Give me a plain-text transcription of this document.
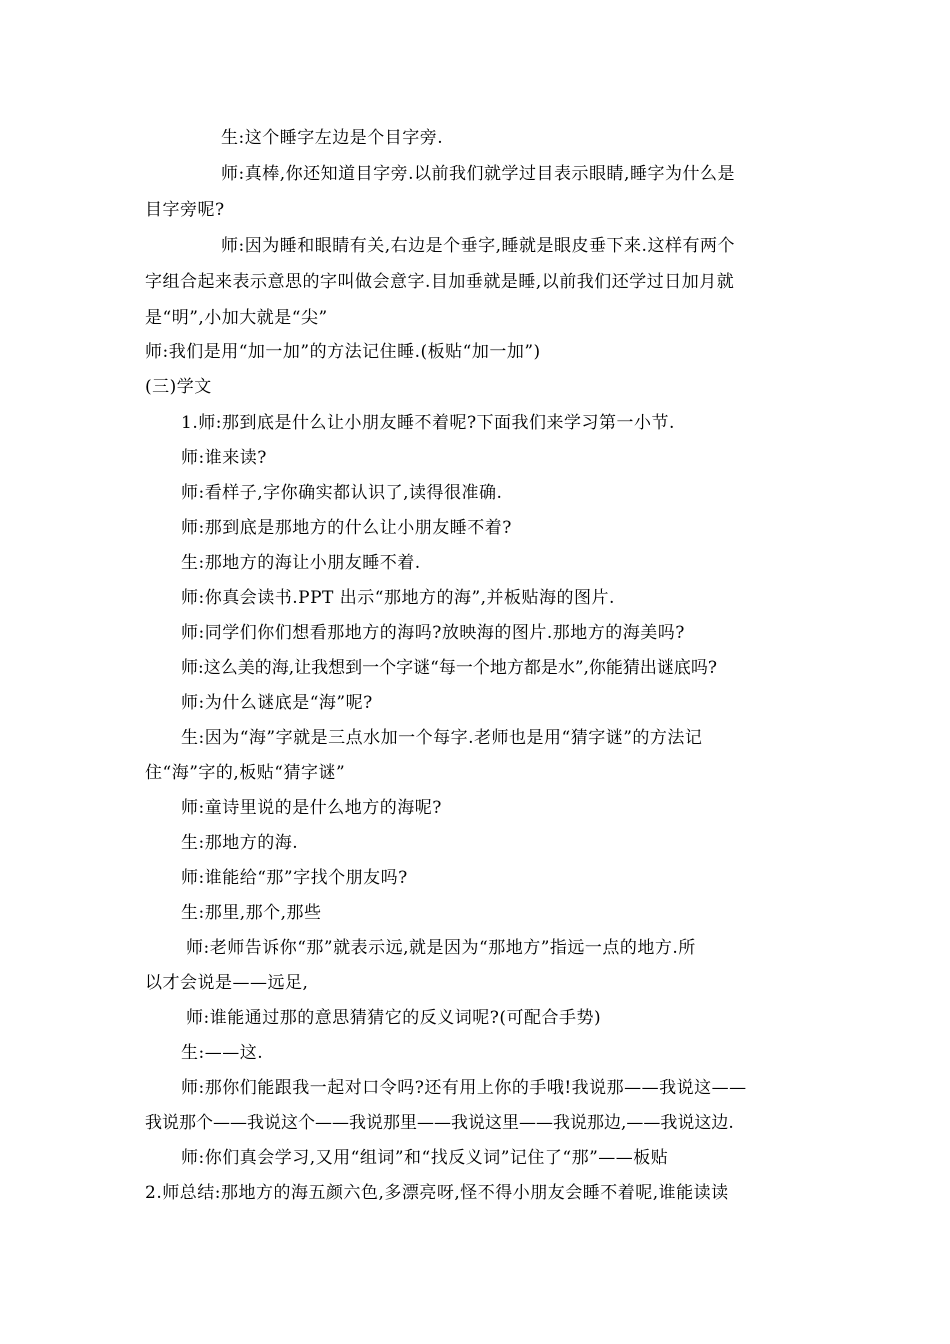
生:这个睡字左边是个目字旁.
师:真棒,你还知道目字旁.以前我们就学过目表示眼睛,睡字为什么是
目字旁呢?
师:因为睡和眼睛有关,右边是个垂字,睡就是眼皮垂下来.这样有两个
字组合起来表示意思的字叫做会意字.目加垂就是睡,以前我们还学过日加月就
是“明”,小加大就是“尖”
师:我们是用“加一加”的方法记住睡.(板贴“加一加”)
(三)学文
1.师:那到底是什么让小朋友睡不着呢?下面我们来学习第一小节.
师:谁来读?
师:看样子,字你确实都认识了,读得很准确.
师:那到底是那地方的什么让小朋友睡不着?
生:那地方的海让小朋友睡不着.
师:你真会读书.PPT 出示“那地方的海”,并板贴海的图片.
师:同学们你们想看那地方的海吗?放映海的图片.那地方的海美吗?
师:这么美的海,让我想到一个字谜“每一个地方都是水”,你能猜出谜底吗?
师:为什么谜底是“海”呢?
生:因为“海”字就是三点水加一个每字.老师也是用“猜字谜”的方法记
住“海”字的,板贴“猜字谜”
师:童诗里说的是什么地方的海呢?
生:那地方的海.
师:谁能给“那”字找个朋友吗?
生:那里,那个,那些
师:老师告诉你“那”就表示远,就是因为“那地方”指远一点的地方.所
以才会说是——远足,
师:谁能通过那的意思猜猜它的反义词呢?(可配合手势)
生:——这.
师:那你们能跟我一起对口令吗?还有用上你的手哦!我说那——我说这——
我说那个——我说这个——我说那里——我说这里——我说那边,——我说这边.
师:你们真会学习,又用“组词”和“找反义词”记住了“那”——板贴
2.师总结:那地方的海五颜六色,多漂亮呀,怪不得小朋友会睡不着呢,谁能读读
